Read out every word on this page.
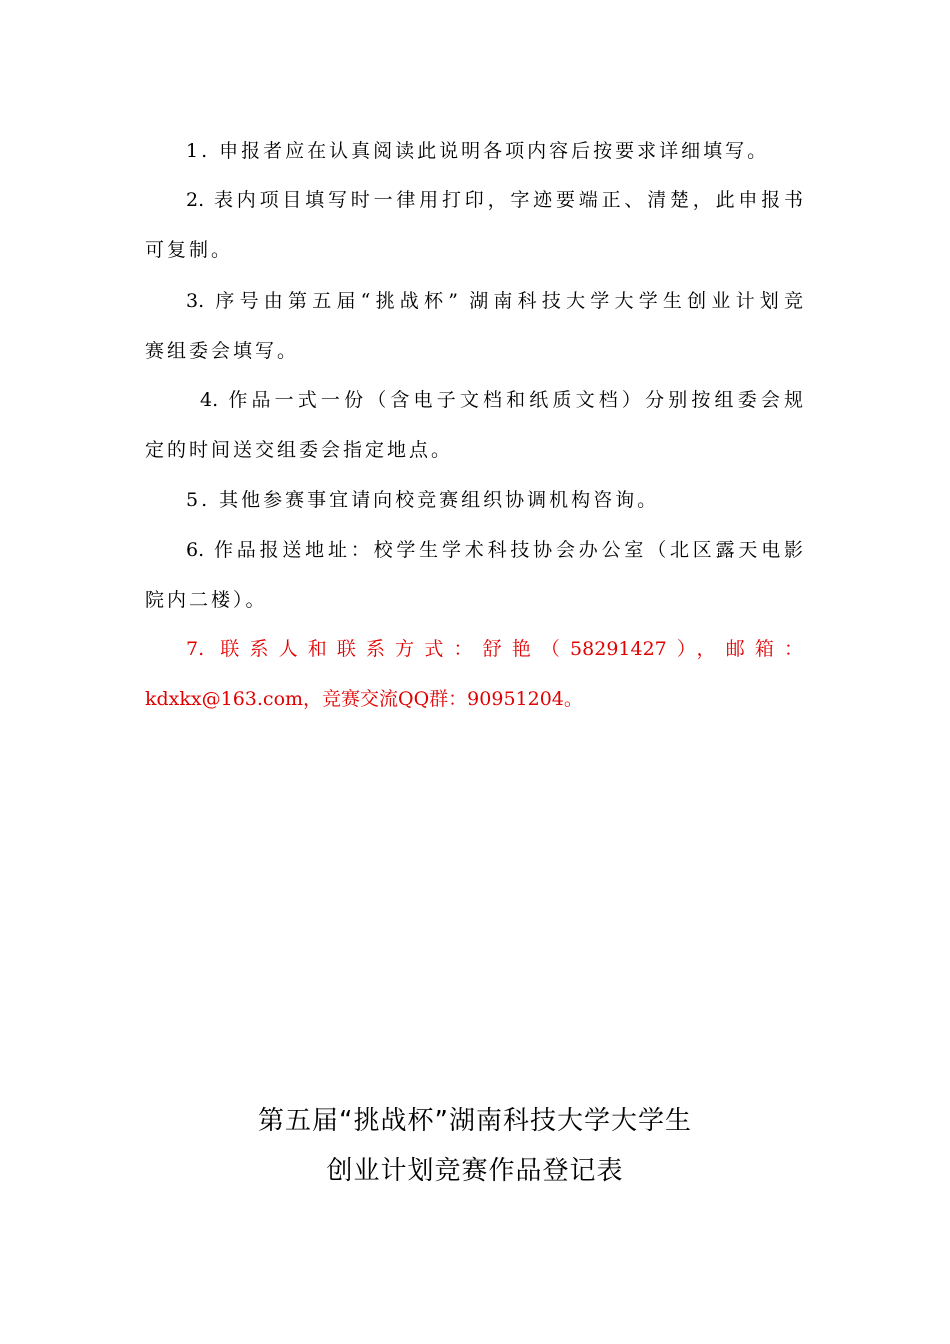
1. 申报者应在认真阅读此说明各项内容后按要求详细填写。
2. 表内项目填写时一律用打印，字迹要端正、清楚，此申报书
可复制。
3. 序号由第五届“挑战杯” 湖南科技大学大学生创业计划竞
赛组委会填写。
4. 作品一式一份（含电子文档和纸质文档）分别按组委会规
定的时间送交组委会指定地点。
5. 其他参赛事宜请向校竞赛组织协调机构咨询。
6. 作品报送地址：校学生学术科技协会办公室（北区露天电影
院内二楼）。
7. 联系人和联系方式：舒艳（58291427），邮箱：
kdxkx@163.com，竞赛交流QQ群：90951204。
第五届“挑战杯”湖南科技大学大学生
创业计划竞赛作品登记表
